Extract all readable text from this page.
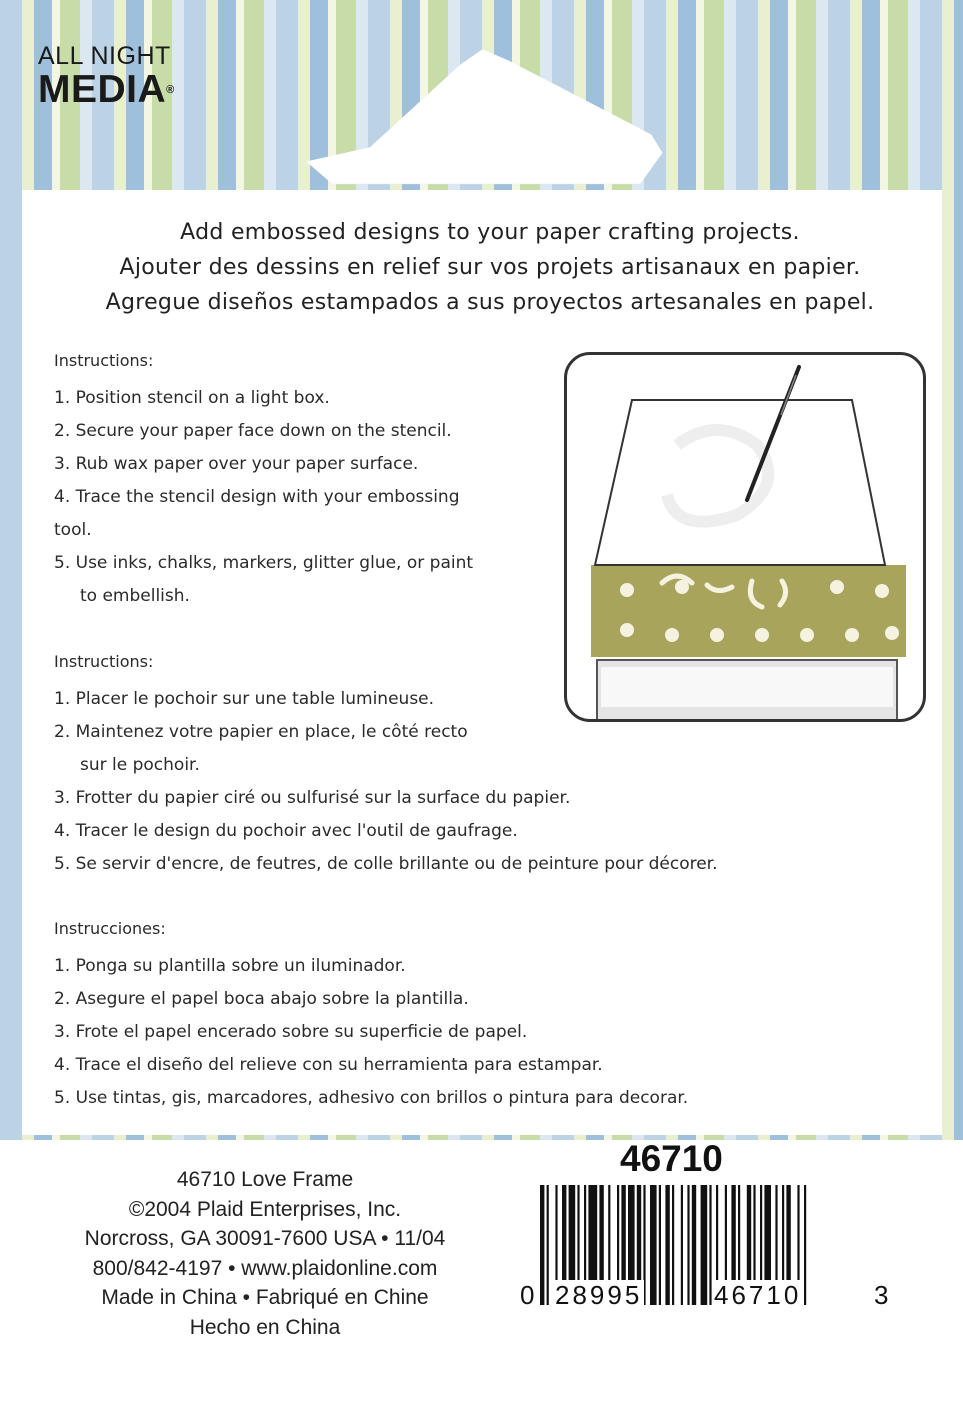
ALL NIGHT
MEDIA®
Add embossed designs to your paper crafting projects.
Ajouter des dessins en relief sur vos projets artisanaux en papier.
Agregue diseños estampados a sus proyectos artesanales en papel.
Instructions:
1. Position stencil on a light box.
2. Secure your paper face down on the stencil.
3. Rub wax paper over your paper surface.
4. Trace the stencil design with your embossing
tool.
5. Use inks, chalks, markers, glitter glue, or paint
to embellish.
Instructions:
1. Placer le pochoir sur une table lumineuse.
2. Maintenez votre papier en place, le côté recto
sur le pochoir.
3. Frotter du papier ciré ou sulfurisé sur la surface du papier.
4. Tracer le design du pochoir avec l'outil de gaufrage.
5. Se servir d'encre, de feutres, de colle brillante ou de peinture pour décorer.
Instrucciones:
1. Ponga su plantilla sobre un iluminador.
2. Asegure el papel boca abajo sobre la plantilla.
3. Frote el papel encerado sobre su superficie de papel.
4. Trace el diseño del relieve con su herramienta para estampar.
5. Use tintas, gis, marcadores, adhesivo con brillos o pintura para decorar.
46710 Love Frame
©2004 Plaid Enterprises, Inc.
Norcross, GA 30091-7600 USA • 11/04
800/842-4197 • www.plaidonline.com
Made in China • Fabriqué en Chine
Hecho en China
46710
0 28995	46710	3
